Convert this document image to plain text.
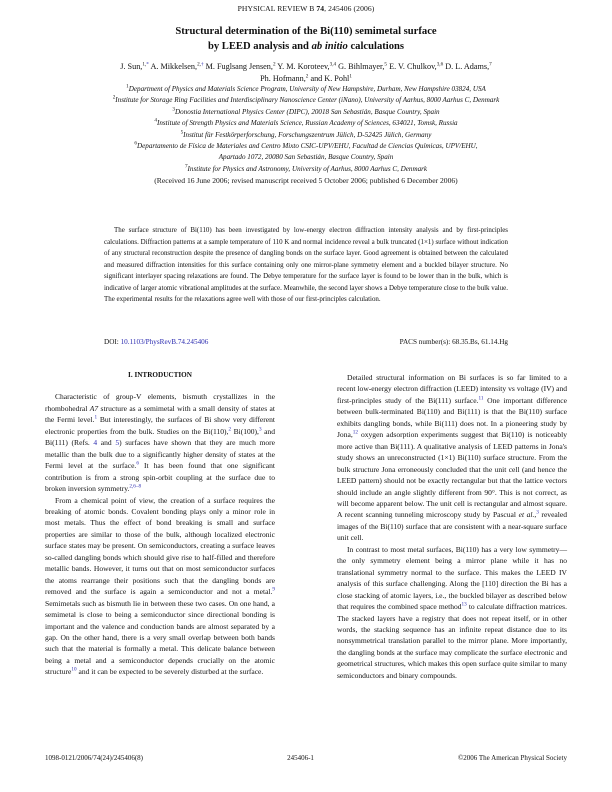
PHYSICAL REVIEW B 74, 245406 (2006)
Structural determination of the Bi(110) semimetal surface
by LEED analysis and ab initio calculations
J. Sun,$^{1,*}$ A. Mikkelsen,$^{2,\dagger}$ M. Fuglsang Jensen,$^2$ Y. M. Koroteev,$^{3,4}$ G. Bihlmayer,$^5$ E. V. Chulkov,$^{3,6}$ D. L. Adams,$^7$
Ph. Hofmann,$^2$ and K. Pohl$^1$
$^1$Department of Physics and Materials Science Program, University of New Hampshire, Durham, New Hampshire 03824, USA
$^2$Institute for Storage Ring Facilities and Interdisciplinary Nanoscience Center (iNano), University of Aarhus, 8000 Aarhus C, Denmark
$^3$Donostia International Physics Center (DIPC), 20018 San Sebastián, Basque Country, Spain
$^4$Institute of Strength Physics and Materials Science, Russian Academy of Sciences, 634021, Tomsk, Russia
$^5$Institut für Festkörperforschung, Forschungszentrum Jülich, D-52425 Jülich, Germany
$^6$Departamento de Física de Materiales and Centro Mixto CSIC-UPV/EHU, Facultad de Ciencias Químicas, UPV/EHU,
Apartado 1072, 20080 San Sebastián, Basque Country, Spain
$^7$Institute for Physics and Astronomy, University of Aarhus, 8000 Aarhus C, Denmark
(Received 16 June 2006; revised manuscript received 5 October 2006; published 6 December 2006)
The surface structure of Bi(110) has been investigated by low-energy electron diffraction intensity analysis and by first-principles calculations. Diffraction patterns at a sample temperature of 110 K and normal incidence reveal a bulk truncated (1×1) surface without indication of any structural reconstruction despite the presence of dangling bonds on the surface layer. Good agreement is obtained between the calculated and measured diffraction intensities for this surface containing only one mirror-plane symmetry element and a buckled bilayer structure. No significant interlayer spacing relaxations are found. The Debye temperature for the surface layer is found to be lower than in the bulk, which is indicative of larger atomic vibrational amplitudes at the surface. Meanwhile, the second layer shows a Debye temperature close to the bulk value. The experimental results for the relaxations agree well with those of our first-principles calculation.
DOI: 10.1103/PhysRevB.74.245406	PACS number(s): 68.35.Bs, 61.14.Hg
I. INTRODUCTION

Characteristic of group-V elements, bismuth crystallizes in the rhombohedral A7 structure as a semimetal with a small density of states at the Fermi level.$^1$ But interestingly, the surfaces of Bi show very different electronic properties from the bulk. Studies on the Bi(110),$^2$ Bi(100),$^3$ and Bi(111) (Refs. 4 and 5) surfaces have shown that they are much more metallic than the bulk due to a significantly higher density of states at the Fermi level at the surface.$^6$ It has been found that one significant contribution is from a strong spin-orbit coupling at the surface due to broken inversion symmetry.$^{2,6-8}$

From a chemical point of view, the creation of a surface requires the breaking of atomic bonds. Covalent bonding plays only a minor role in most metals. Thus the effect of bond breaking is small and surface properties are similar to those of the bulk, although localized electronic surface states may be present. On semiconductors, creating a surface leaves so-called dangling bonds which should give rise to half-filled and therefore metallic bands. However, it turns out that on most semiconductor surfaces the atoms rearrange their positions such that the dangling bonds are removed and the surface is again a semiconductor and not a metal.$^9$ Semimetals such as bismuth lie in between these two cases. On one hand, a semimetal is close to being a semiconductor since directional bonding is important and the valence and conduction bands are almost separated by a gap. On the other hand, there is a very small overlap between both bands such that the material is formally a metal. This delicate balance between being a metal and a semiconductor depends crucially on the atomic structure$^{10}$ and it can be expected to be severely disturbed at the surface.

Detailed structural information on Bi surfaces is so far limited to a recent low-energy electron diffraction (LEED) intensity vs voltage (IV) and first-principles study of the Bi(111) surface.$^{11}$ One important difference between bulk-terminated Bi(110) and Bi(111) is that the Bi(110) surface exhibits dangling bonds, while Bi(111) does not. In a pioneering study by Jona,$^{12}$ oxygen adsorption experiments suggest that Bi(110) is noticeably more active than Bi(111). A qualitative analysis of LEED patterns in Jona's study shows an unreconstructed (1×1) Bi(110) surface structure. From the bulk structure Jona erroneously concluded that the unit cell (and hence the LEED pattern) should not be exactly rectangular but that the lattice vectors should include an angle slightly different from 90°. This is not correct, as will become apparent below. The unit cell is rectangular and almost square. A recent scanning tunneling microscopy study by Pascual et al.,$^3$ revealed images of the Bi(110) surface that are consistent with a near-square surface unit cell.

In contrast to most metal surfaces, Bi(110) has a very low symmetry—the only symmetry element being a mirror plane while it has no translational symmetry normal to the surface. This makes the LEED IV analysis of this surface challenging. Along the [110] direction the Bi has a close stacking of atomic layers, i.e., the buckled bilayer as described below that requires the combined space method$^{13}$ to calculate diffraction matrices. The stacked layers have a registry that does not repeat itself, or in other words, the stacking sequence has an infinite repeat distance due to its nonsymmetrical translation parallel to the mirror plane. More importantly, the dangling bonds at the surface may complicate the surface electronic and geometrical structures, which makes this open surface quite similar to many semiconductors and binary compounds.

1098-0121/2006/74(24)/245406(8)	245406-1	©2006 The American Physical Society
